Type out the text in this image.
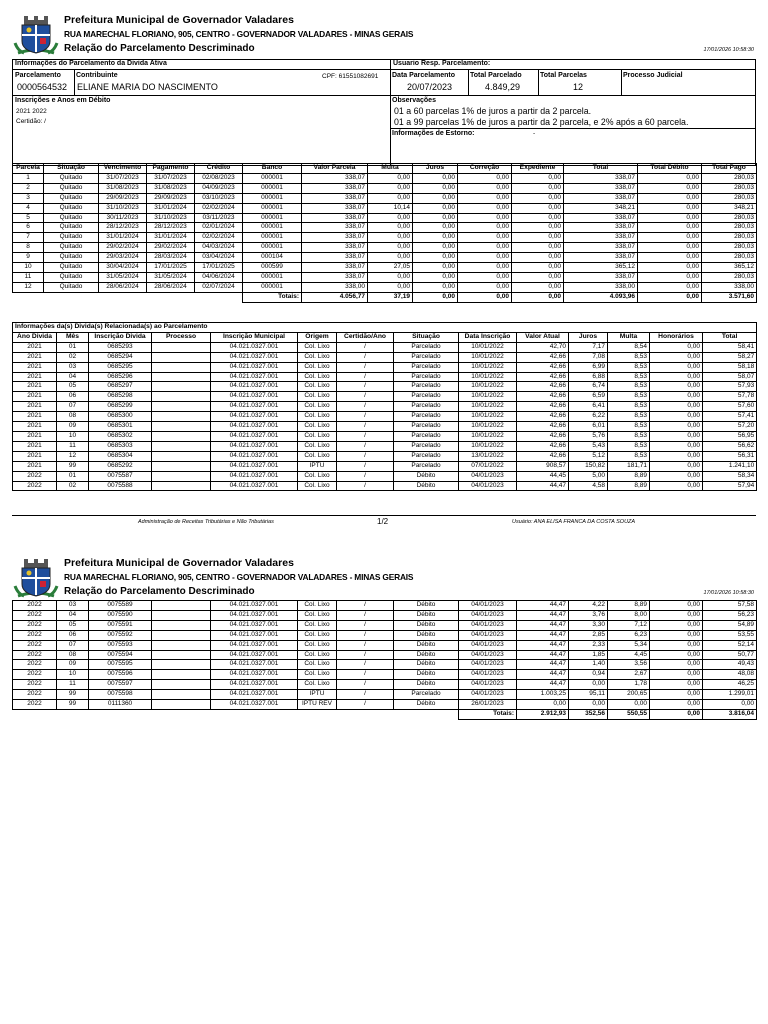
Prefeitura Municipal de Governador Valadares
RUA MARECHAL FLORIANO, 905, CENTRO - GOVERNADOR VALADARES - MINAS GERAIS
Relação do Parcelamento Descriminado	17/01/2026 10:58:30
Informações do Parcelamento da Divida Ativa	Usuario Resp. Parcelamento:
Parcelamento
0000564532
Contribuinte
ELIANE MARIA DO NASCIMENTO
CPF: 61551082691 Data Parcelamento
20/07/2023
Total Parcelado
4.849,29
Total Parcelas
12
Processo Judicial
Inscrições e Anos em Débito
2021 2022
Certidão: /
Observações
01 a 60 parcelas 1% de juros a partir da 2 parcela.
01 a 99 parcelas 1% de juros a partir da 2 parcela, e 2% após a 60 parcela.
Informações de Estorno:	-
Parcela	Situação	Vencimento	Pagamento	Crédito	Banco	Valor Parcela	Multa	Juros	Correção	Expediente	Total	Total Débito	Total Pago
1	Quitado	31/07/2023	31/07/2023	02/08/2023	000001	338,07	0,00	0,00	0,00	0,00	338,07	0,00	280,03
2	Quitado	31/08/2023	31/08/2023	04/09/2023	000001	338,07	0,00	0,00	0,00	0,00	338,07	0,00	280,03
3	Quitado	29/09/2023	29/09/2023	03/10/2023	000001	338,07	0,00	0,00	0,00	0,00	338,07	0,00	280,03
4	Quitado	31/10/2023	31/01/2024	02/02/2024	000001	338,07	10,14	0,00	0,00	0,00	348,21	0,00	348,21
5	Quitado	30/11/2023	31/10/2023	03/11/2023	000001	338,07	0,00	0,00	0,00	0,00	338,07	0,00	280,03
6	Quitado	28/12/2023	28/12/2023	02/01/2024	000001	338,07	0,00	0,00	0,00	0,00	338,07	0,00	280,03
7	Quitado	31/01/2024	31/01/2024	02/02/2024	000001	338,07	0,00	0,00	0,00	0,00	338,07	0,00	280,03
8	Quitado	29/02/2024	29/02/2024	04/03/2024	000001	338,07	0,00	0,00	0,00	0,00	338,07	0,00	280,03
9	Quitado	29/03/2024	28/03/2024	03/04/2024	000104	338,07	0,00	0,00	0,00	0,00	338,07	0,00	280,03
10	Quitado	30/04/2024	17/01/2025	17/01/2025	000599	338,07	27,05	0,00	0,00	0,00	365,12	0,00	365,12
11	Quitado	31/05/2024	31/05/2024	04/06/2024	000001	338,07	0,00	0,00	0,00	0,00	338,07	0,00	280,03
12	Quitado	28/06/2024	28/06/2024	02/07/2024	000001	338,00	0,00	0,00	0,00	0,00	338,00	0,00	338,00
					Totais:	4.056,77	37,19	0,00	0,00	0,00	4.093,96	0,00	3.571,60
Informações da(s) Divida(s) Relacionada(s) ao Parcelamento													
Ano Divida	Mês	Inscrição Divida	Processo	Inscrição Municipal	Origem	Certidão/Ano	Situação	Data Inscrição	Valor Atual	Juros	Multa	Honorários	Total
2021	01	0685293		04.021.0327.001	Col. Lixo	/	Parcelado	10/01/2022	42,70	7,17	8,54	0,00	58,41
2021	02	0685294		04.021.0327.001	Col. Lixo	/	Parcelado	10/01/2022	42,66	7,08	8,53	0,00	58,27
2021	03	0685295		04.021.0327.001	Col. Lixo	/	Parcelado	10/01/2022	42,66	6,99	8,53	0,00	58,18
2021	04	0685296		04.021.0327.001	Col. Lixo	/	Parcelado	10/01/2022	42,66	6,88	8,53	0,00	58,07
2021	05	0685297		04.021.0327.001	Col. Lixo	/	Parcelado	10/01/2022	42,66	6,74	8,53	0,00	57,93
2021	06	0685298		04.021.0327.001	Col. Lixo	/	Parcelado	10/01/2022	42,66	6,59	8,53	0,00	57,78
2021	07	0685299		04.021.0327.001	Col. Lixo	/	Parcelado	10/01/2022	42,66	6,41	8,53	0,00	57,60
2021	08	0685300		04.021.0327.001	Col. Lixo	/	Parcelado	10/01/2022	42,66	6,22	8,53	0,00	57,41
2021	09	0685301		04.021.0327.001	Col. Lixo	/	Parcelado	10/01/2022	42,66	6,01	8,53	0,00	57,20
2021	10	0685302		04.021.0327.001	Col. Lixo	/	Parcelado	10/01/2022	42,66	5,76	8,53	0,00	56,95
2021	11	0685303		04.021.0327.001	Col. Lixo	/	Parcelado	10/01/2022	42,66	5,43	8,53	0,00	56,62
2021	12	0685304		04.021.0327.001	Col. Lixo	/	Parcelado	13/01/2022	42,66	5,12	8,53	0,00	56,31
2021	99	0685292		04.021.0327.001	IPTU	/	Parcelado	07/01/2022	908,57	150,82	181,71	0,00	1.241,10
2022	01	0075587		04.021.0327.001	Col. Lixo	/	Débito	04/01/2023	44,45	5,00	8,89	0,00	58,34
2022	02	0075588		04.021.0327.001	Col. Lixo	/	Débito	04/01/2023	44,47	4,58	8,89	0,00	57,94
Administração de Receitas Tributárias e Não Tributárias	1/2	Usuário: ANA ELISA FRANCA DA COSTA SOUZA
Prefeitura Municipal de Governador Valadares
RUA MARECHAL FLORIANO, 905, CENTRO - GOVERNADOR VALADARES - MINAS GERAIS
Relação do Parcelamento Descriminado	17/01/2026 10:58:30
2022	03	0075589		04.021.0327.001	Col. Lixo	/	Débito	04/01/2023	44,47	4,22	8,89	0,00	57,58
2022	04	0075590		04.021.0327.001	Col. Lixo	/	Débito	04/01/2023	44,47	3,76	8,00	0,00	56,23
2022	05	0075591		04.021.0327.001	Col. Lixo	/	Débito	04/01/2023	44,47	3,30	7,12	0,00	54,89
2022	06	0075592		04.021.0327.001	Col. Lixo	/	Débito	04/01/2023	44,47	2,85	6,23	0,00	53,55
2022	07	0075593		04.021.0327.001	Col. Lixo	/	Débito	04/01/2023	44,47	2,33	5,34	0,00	52,14
2022	08	0075594		04.021.0327.001	Col. Lixo	/	Débito	04/01/2023	44,47	1,85	4,45	0,00	50,77
2022	09	0075595		04.021.0327.001	Col. Lixo	/	Débito	04/01/2023	44,47	1,40	3,56	0,00	49,43
2022	10	0075596		04.021.0327.001	Col. Lixo	/	Débito	04/01/2023	44,47	0,94	2,67	0,00	48,08
2022	11	0075597		04.021.0327.001	Col. Lixo	/	Débito	04/01/2023	44,47	0,00	1,78	0,00	46,25
2022	99	0075598		04.021.0327.001	IPTU	/	Parcelado	04/01/2023	1.003,25	95,11	200,65	0,00	1.299,01
2022	99	0111360		04.021.0327.001	IPTU REV	/	Débito	26/01/2023	0,00	0,00	0,00	0,00	0,00
								Totais:	2.912,93	352,56	550,55	0,00	3.816,04
